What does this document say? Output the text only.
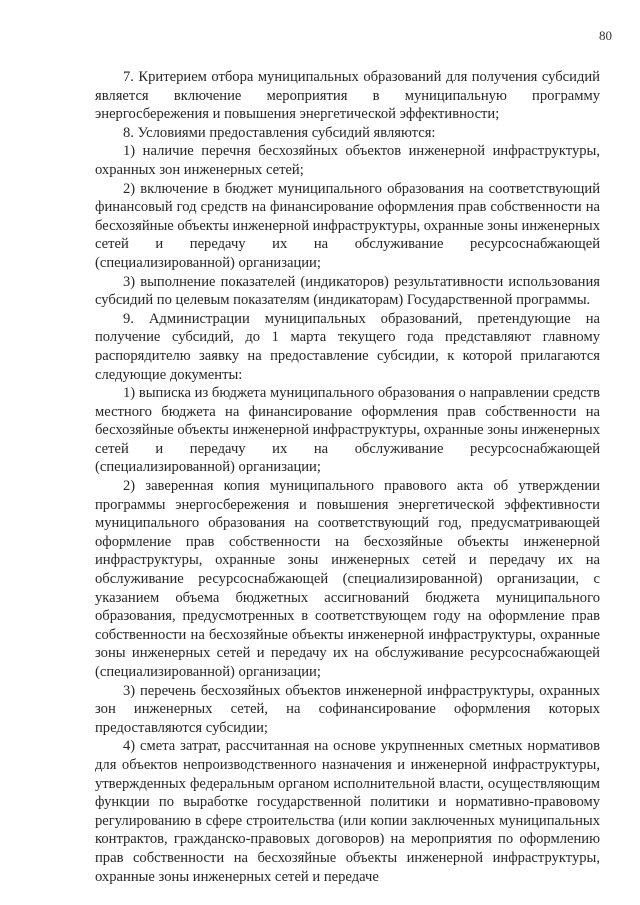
80

7. Критерием отбора муниципальных образований для получения субсидий является включение мероприятия в муниципальную программу энергосбережения и повышения энергетической эффективности;

8. Условиями предоставления субсидий являются:

1) наличие перечня бесхозяйных объектов инженерной инфраструктуры, охранных зон инженерных сетей;

2) включение в бюджет муниципального образования на соответствующий финансовый год средств на финансирование оформления прав собственности на бесхозяйные объекты инженерной инфраструктуры, охранные зоны инженерных сетей и передачу их на обслуживание ресурсоснабжающей (специализированной) организации;

3) выполнение показателей (индикаторов) результативности использования субсидий по целевым показателям (индикаторам) Государственной программы.

9. Администрации муниципальных образований, претендующие на получение субсидий, до 1 марта текущего года представляют главному распорядителю заявку на предоставление субсидии, к которой прилагаются следующие документы:

1) выписка из бюджета муниципального образования о направлении средств местного бюджета на финансирование оформления прав собственности на бесхозяйные объекты инженерной инфраструктуры, охранные зоны инженерных сетей и передачу их на обслуживание ресурсоснабжающей (специализированной) организации;

2) заверенная копия муниципального правового акта об утверждении программы энергосбережения и повышения энергетической эффективности муниципального образования на соответствующий год, предусматривающей оформление прав собственности на бесхозяйные объекты инженерной инфраструктуры, охранные зоны инженерных сетей и передачу их на обслуживание ресурсоснабжающей (специализированной) организации, с указанием объема бюджетных ассигнований бюджета муниципального образования, предусмотренных в соответствующем году на оформление прав собственности на бесхозяйные объекты инженерной инфраструктуры, охранные зоны инженерных сетей и передачу их на обслуживание ресурсоснабжающей (специализированной) организации;

3) перечень бесхозяйных объектов инженерной инфраструктуры, охранных зон инженерных сетей, на софинансирование оформления которых предоставляются субсидии;

4) смета затрат, рассчитанная на основе укрупненных сметных нормативов для объектов непроизводственного назначения и инженерной инфраструктуры, утвержденных федеральным органом исполнительной власти, осуществляющим функции по выработке государственной политики и нормативно-правовому регулированию в сфере строительства (или копии заключенных муниципальных контрактов, гражданско-правовых договоров) на мероприятия по оформлению прав собственности на бесхозяйные объекты инженерной инфраструктуры, охранные зоны инженерных сетей и передаче
